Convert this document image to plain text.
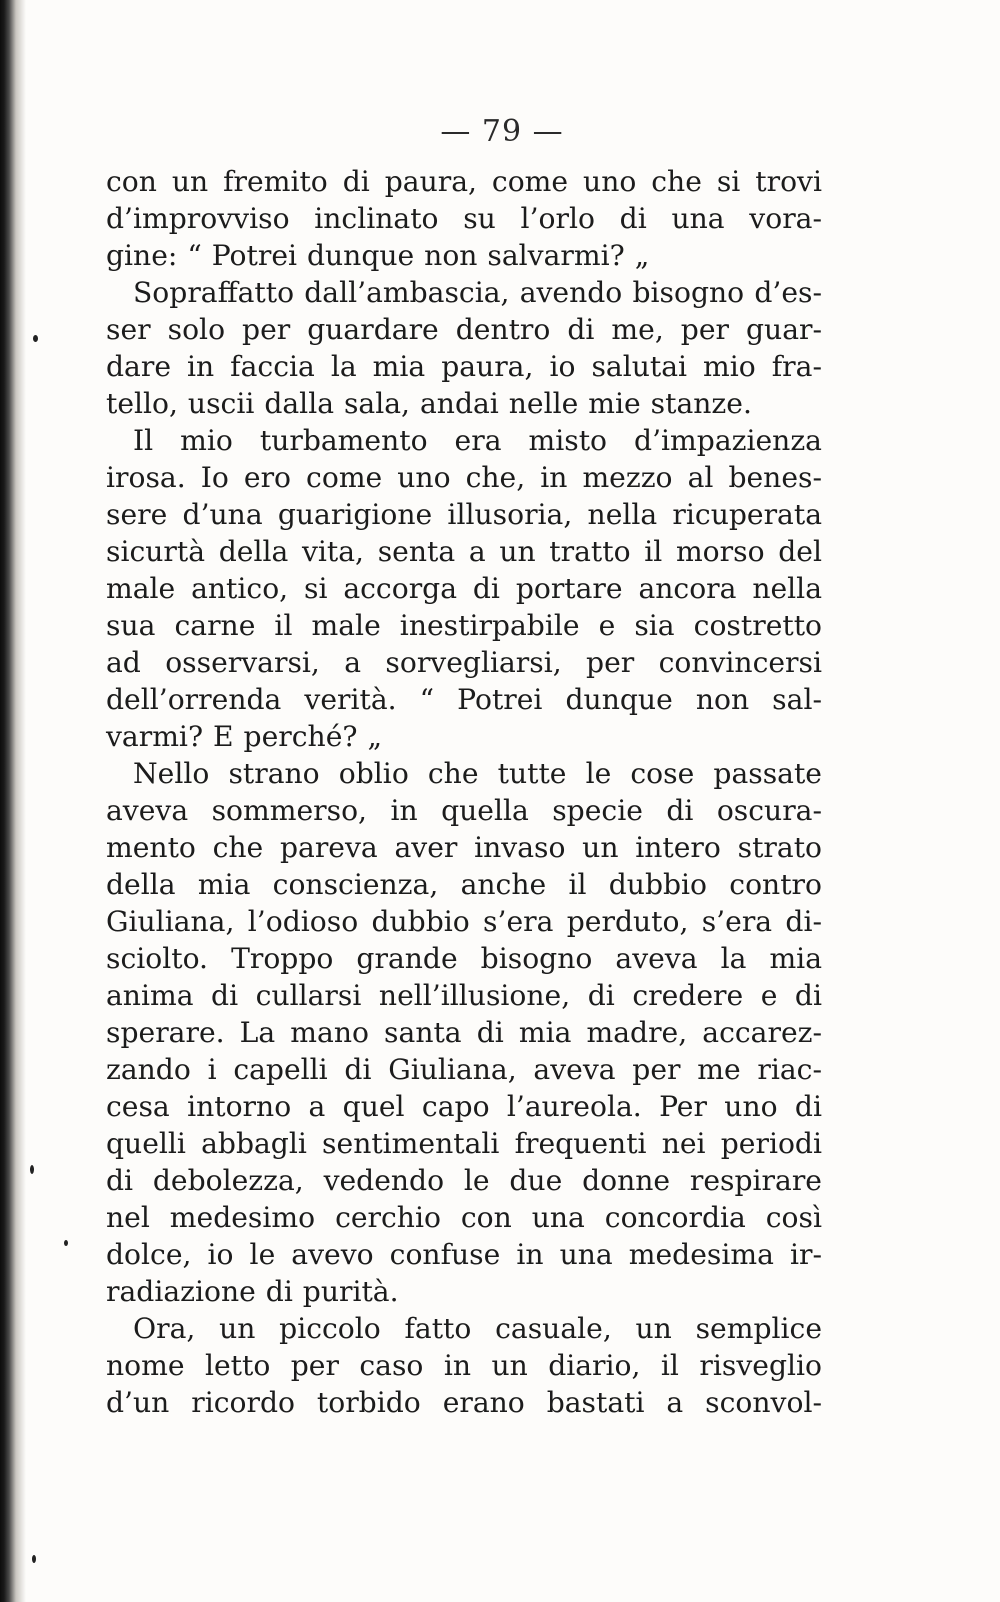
— 79 —
con un fremito di paura, come uno che si trovi
d’improvviso inclinato su l’orlo di una vora-
gine: “ Potrei dunque non salvarmi? „
Sopraffatto dall’ambascia, avendo bisogno d’es-
ser solo per guardare dentro di me, per guar-
dare in faccia la mia paura, io salutai mio fra-
tello, uscii dalla sala, andai nelle mie stanze.
Il mio turbamento era misto d’impazienza
irosa. Io ero come uno che, in mezzo al benes-
sere d’una guarigione illusoria, nella ricuperata
sicurtà della vita, senta a un tratto il morso del
male antico, si accorga di portare ancora nella
sua carne il male inestirpabile e sia costretto
ad osservarsi, a sorvegliarsi, per convincersi
dell’orrenda verità. “ Potrei dunque non sal-
varmi? E perché? „
Nello strano oblio che tutte le cose passate
aveva sommerso, in quella specie di oscura-
mento che pareva aver invaso un intero strato
della mia conscienza, anche il dubbio contro
Giuliana, l’odioso dubbio s’era perduto, s’era di-
sciolto. Troppo grande bisogno aveva la mia
anima di cullarsi nell’illusione, di credere e di
sperare. La mano santa di mia madre, accarez-
zando i capelli di Giuliana, aveva per me riac-
cesa intorno a quel capo l’aureola. Per uno di
quelli abbagli sentimentali frequenti nei periodi
di debolezza, vedendo le due donne respirare
nel medesimo cerchio con una concordia così
dolce, io le avevo confuse in una medesima ir-
radiazione di purità.
Ora, un piccolo fatto casuale, un semplice
nome letto per caso in un diario, il risveglio
d’un ricordo torbido erano bastati a sconvol-
